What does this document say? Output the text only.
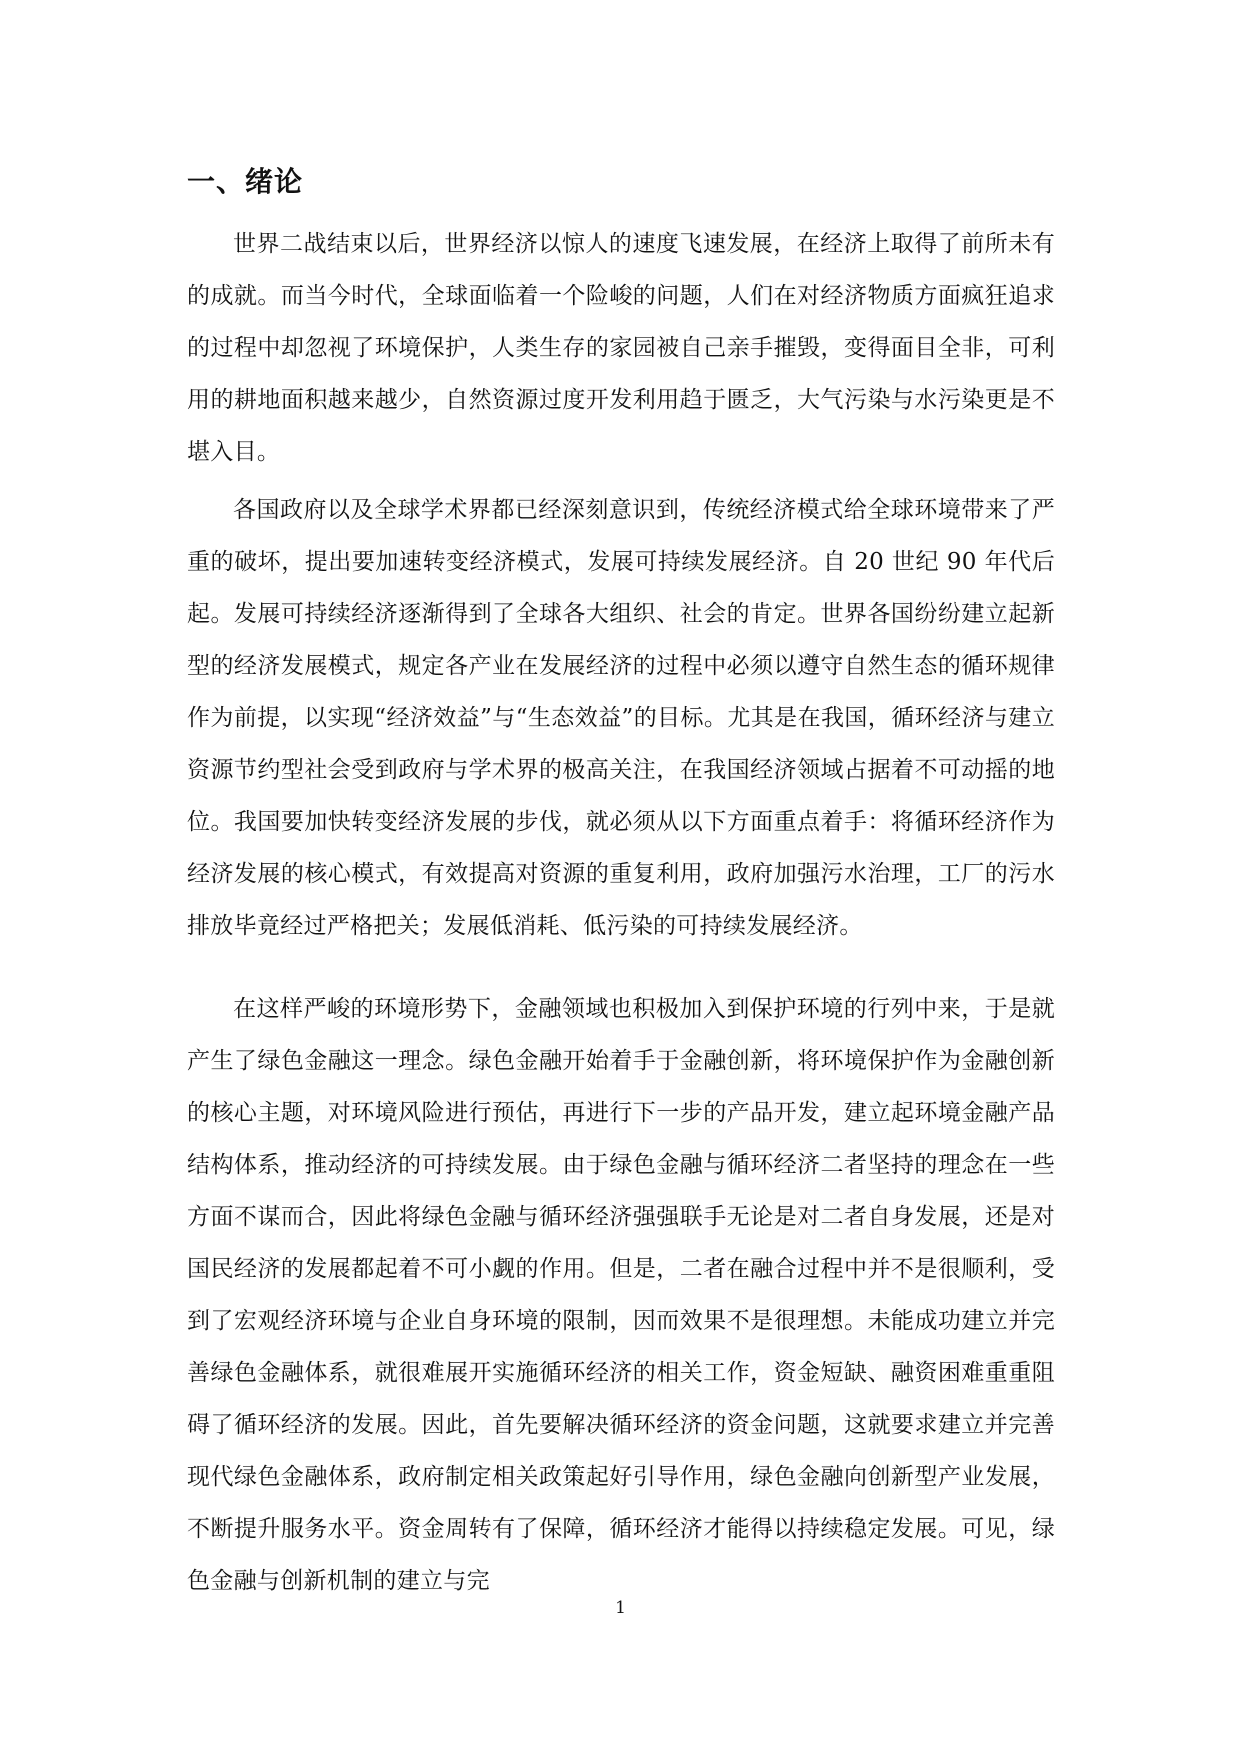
一、绪论

世界二战结束以后，世界经济以惊人的速度飞速发展，在经济上取得了前所未有的成就。而当今时代，全球面临着一个险峻的问题，人们在对经济物质方面疯狂追求的过程中却忽视了环境保护，人类生存的家园被自己亲手摧毁，变得面目全非，可利用的耕地面积越来越少，自然资源过度开发利用趋于匮乏，大气污染与水污染更是不堪入目。

各国政府以及全球学术界都已经深刻意识到，传统经济模式给全球环境带来了严重的破坏，提出要加速转变经济模式，发展可持续发展经济。自 20 世纪 90 年代后起。发展可持续经济逐渐得到了全球各大组织、社会的肯定。世界各国纷纷建立起新型的经济发展模式，规定各产业在发展经济的过程中必须以遵守自然生态的循环规律作为前提，以实现“经济效益”与“生态效益”的目标。尤其是在我国，循环经济与建立资源节约型社会受到政府与学术界的极高关注，在我国经济领域占据着不可动摇的地位。我国要加快转变经济发展的步伐，就必须从以下方面重点着手：将循环经济作为经济发展的核心模式，有效提高对资源的重复利用，政府加强污水治理，工厂的污水排放毕竟经过严格把关；发展低消耗、低污染的可持续发展经济。

在这样严峻的环境形势下，金融领域也积极加入到保护环境的行列中来，于是就产生了绿色金融这一理念。绿色金融开始着手于金融创新，将环境保护作为金融创新的核心主题，对环境风险进行预估，再进行下一步的产品开发，建立起环境金融产品结构体系，推动经济的可持续发展。由于绿色金融与循环经济二者坚持的理念在一些方面不谋而合，因此将绿色金融与循环经济强强联手无论是对二者自身发展，还是对国民经济的发展都起着不可小觑的作用。但是，二者在融合过程中并不是很顺利，受到了宏观经济环境与企业自身环境的限制，因而效果不是很理想。未能成功建立并完善绿色金融体系，就很难展开实施循环经济的相关工作，资金短缺、融资困难重重阻碍了循环经济的发展。因此，首先要解决循环经济的资金问题，这就要求建立并完善现代绿色金融体系，政府制定相关政策起好引导作用，绿色金融向创新型产业发展，不断提升服务水平。资金周转有了保障，循环经济才能得以持续稳定发展。可见，绿色金融与创新机制的建立与完

1
